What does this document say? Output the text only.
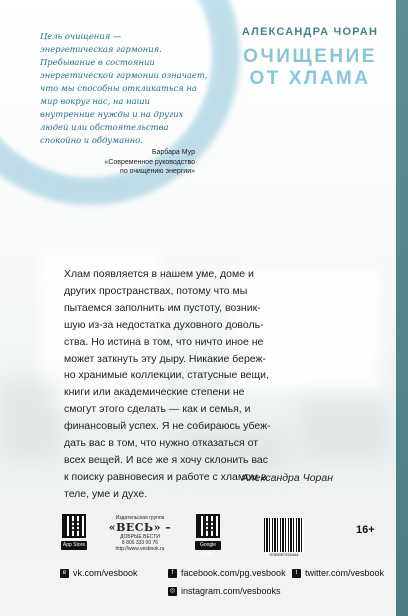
АЛЕКСАНДРА ЧОРАН
ОЧИЩЕНИЕ
ОТ ХЛАМА
Цель очищения —
энергетическая гармония.
Пребывание в состоянии
энергетической гармонии означает,
что мы способны откликаться на
мир вокруг нас, на наши
внутренние нужды и на других
людей или обстоятельства
спокойно и обдуманно.
Барбара Мур
«Современное руководство
по очищению энергии»
Хлам появляется в нашем уме, доме и
других пространствах, потому что мы
пытаемся заполнить им пустоту, возник-
шую из-за недостатка духовного доволь-
ства. Но истина в том, что ничто иное не
может заткнуть эту дыру. Никакие береж-
но хранимые коллекции, статусные вещи,
книги или академические степени не
смогут этого сделать — как и семья, и
финансовый успех. Я не собираюсь убеж-
дать вас в том, что нужно отказаться от
всех вещей. И все же я хочу склонить вас
к поиску равновесия и работе с хламом в
теле, уме и духе.
Александра Чоран
App Store
Издательская группа
«ВЕСЬ» –
ДОБРЫЕ ВЕСТИ
8 800 333 00 76
http://www.vesbook.ru
Google Play	9785957333444
16+
в vk.com/vesbook	f facebook.com/pg.vesbook	t twitter.com/vesbook
◎ instagram.com/vesbooks
